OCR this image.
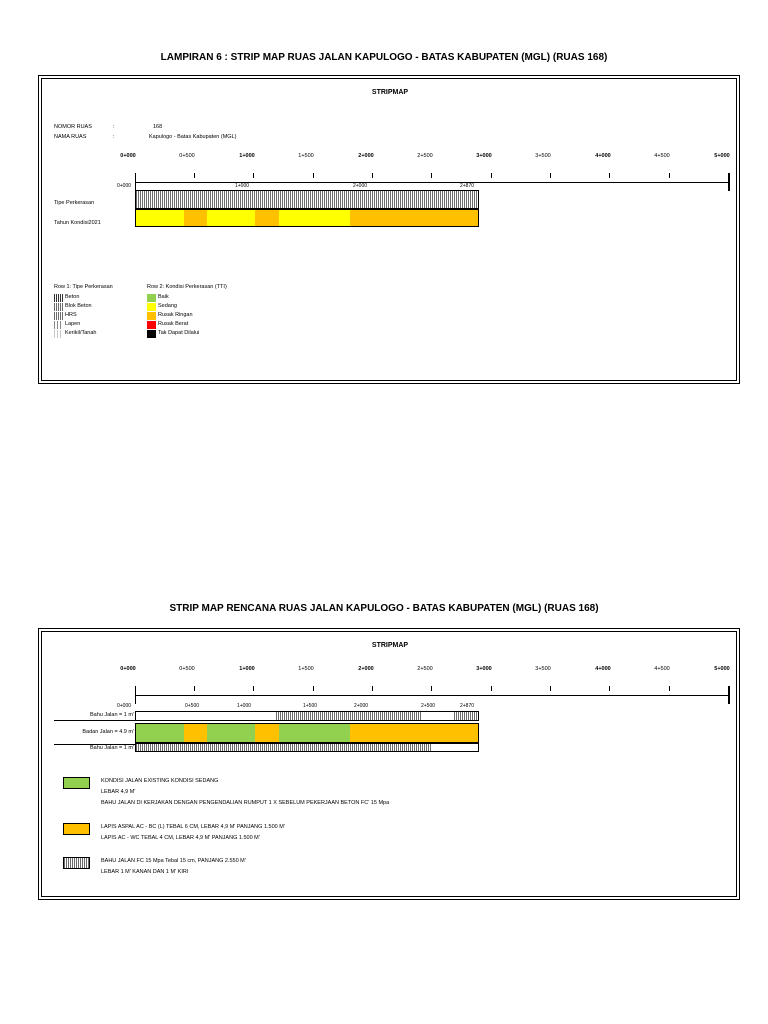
LAMPIRAN 6 : STRIP MAP RUAS JALAN KAPULOGO - BATAS KABUPATEN (MGL) (RUAS 168)
STRIPMAP
NOMOR RUAS	:	168
NAMA RUAS	:	Kapulogo - Batas Kabupaten (MGL)
0+000	0+500	1+000	1+500	2+000	2+500	3+000	3+500	4+000	4+500	5+000
0+000	1+000	2+000	2+870
Tipe Perkerasan
Tahun Kondisi2021
Row 1: Tipe Perkerasan
Beton
Blok Beton
HRS
Lapen
Kerikil/Tanah
Row 2: Kondisi Perkerasan (TTI)
Baik
Sedang
Rusak Ringan
Rusak Berat
Tak Dapat Dilalui
STRIP MAP RENCANA RUAS JALAN KAPULOGO - BATAS KABUPATEN (MGL) (RUAS 168)
STRIPMAP
0+000	0+500	1+000	1+500	2+000	2+500	3+000	3+500	4+000	4+500	5+000
0+000	0+500	1+000	1+500	2+000	2+500	2+870
Bahu Jalan = 1 m'
Badan Jalan = 4.9 m'
Bahu Jalan = 1 m'
KONDISI JALAN EXISTING KONDISI SEDANG
LEBAR 4,9 M'
BAHU JALAN DI KERJAKAN DENGAN PENGENDALIAN RUMPUT 1 X SEBELUM PEKERJAAN BETON FC' 15 Mpa
LAPIS ASPAL AC - BC (L) TEBAL 6 CM, LEBAR 4,9 M' PANJANG 1.500 M'
LAPIS AC - WC TEBAL 4 CM, LEBAR 4,9 M' PANJANG 1.500 M'
BAHU JALAN FC 15 Mpa Tebal 15 cm, PANJANG 2.550 M'
LEBAR 1 M' KANAN DAN 1 M' KIRI
